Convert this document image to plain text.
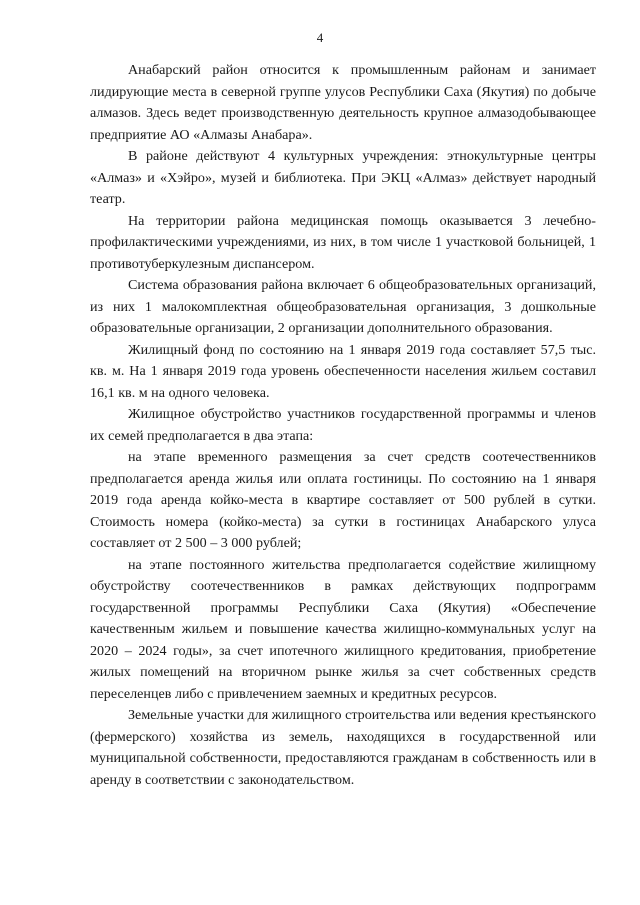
4

Анабарский район относится к промышленным районам и занимает лидирующие места в северной группе улусов Республики Саха (Якутия) по добыче алмазов. Здесь ведет производственную деятельность крупное алмазодобывающее предприятие АО «Алмазы Анабара».

В районе действуют 4 культурных учреждения: этнокультурные центры «Алмаз» и «Хэйро», музей и библиотека. При ЭКЦ «Алмаз» действует народный театр.

На территории района медицинская помощь оказывается 3 лечебно-профилактическими учреждениями, из них, в том числе 1 участковой больницей, 1 противотуберкулезным диспансером.

Система образования района включает 6 общеобразовательных организаций, из них 1 малокомплектная общеобразовательная организация, 3 дошкольные образовательные организации, 2 организации дополнительного образования.

Жилищный фонд по состоянию на 1 января 2019 года составляет 57,5 тыс. кв. м. На 1 января 2019 года уровень обеспеченности населения жильем составил 16,1 кв. м на одного человека.

Жилищное обустройство участников государственной программы и членов их семей предполагается в два этапа:

на этапе временного размещения за счет средств соотечественников предполагается аренда жилья или оплата гостиницы. По состоянию на 1 января 2019 года аренда койко-места в квартире составляет от 500 рублей в сутки. Стоимость номера (койко-места) за сутки в гостиницах Анабарского улуса составляет от 2 500 – 3 000 рублей;

на этапе постоянного жительства предполагается содействие жилищному обустройству соотечественников в рамках действующих подпрограмм государственной программы Республики Саха (Якутия) «Обеспечение качественным жильем и повышение качества жилищно-коммунальных услуг на 2020 – 2024 годы», за счет ипотечного жилищного кредитования, приобретение жилых помещений на вторичном рынке жилья за счет собственных средств переселенцев либо с привлечением заемных и кредитных ресурсов.

Земельные участки для жилищного строительства или ведения крестьянского (фермерского) хозяйства из земель, находящихся в государственной или муниципальной собственности, предоставляются гражданам в собственность или в аренду в соответствии с законодательством.
